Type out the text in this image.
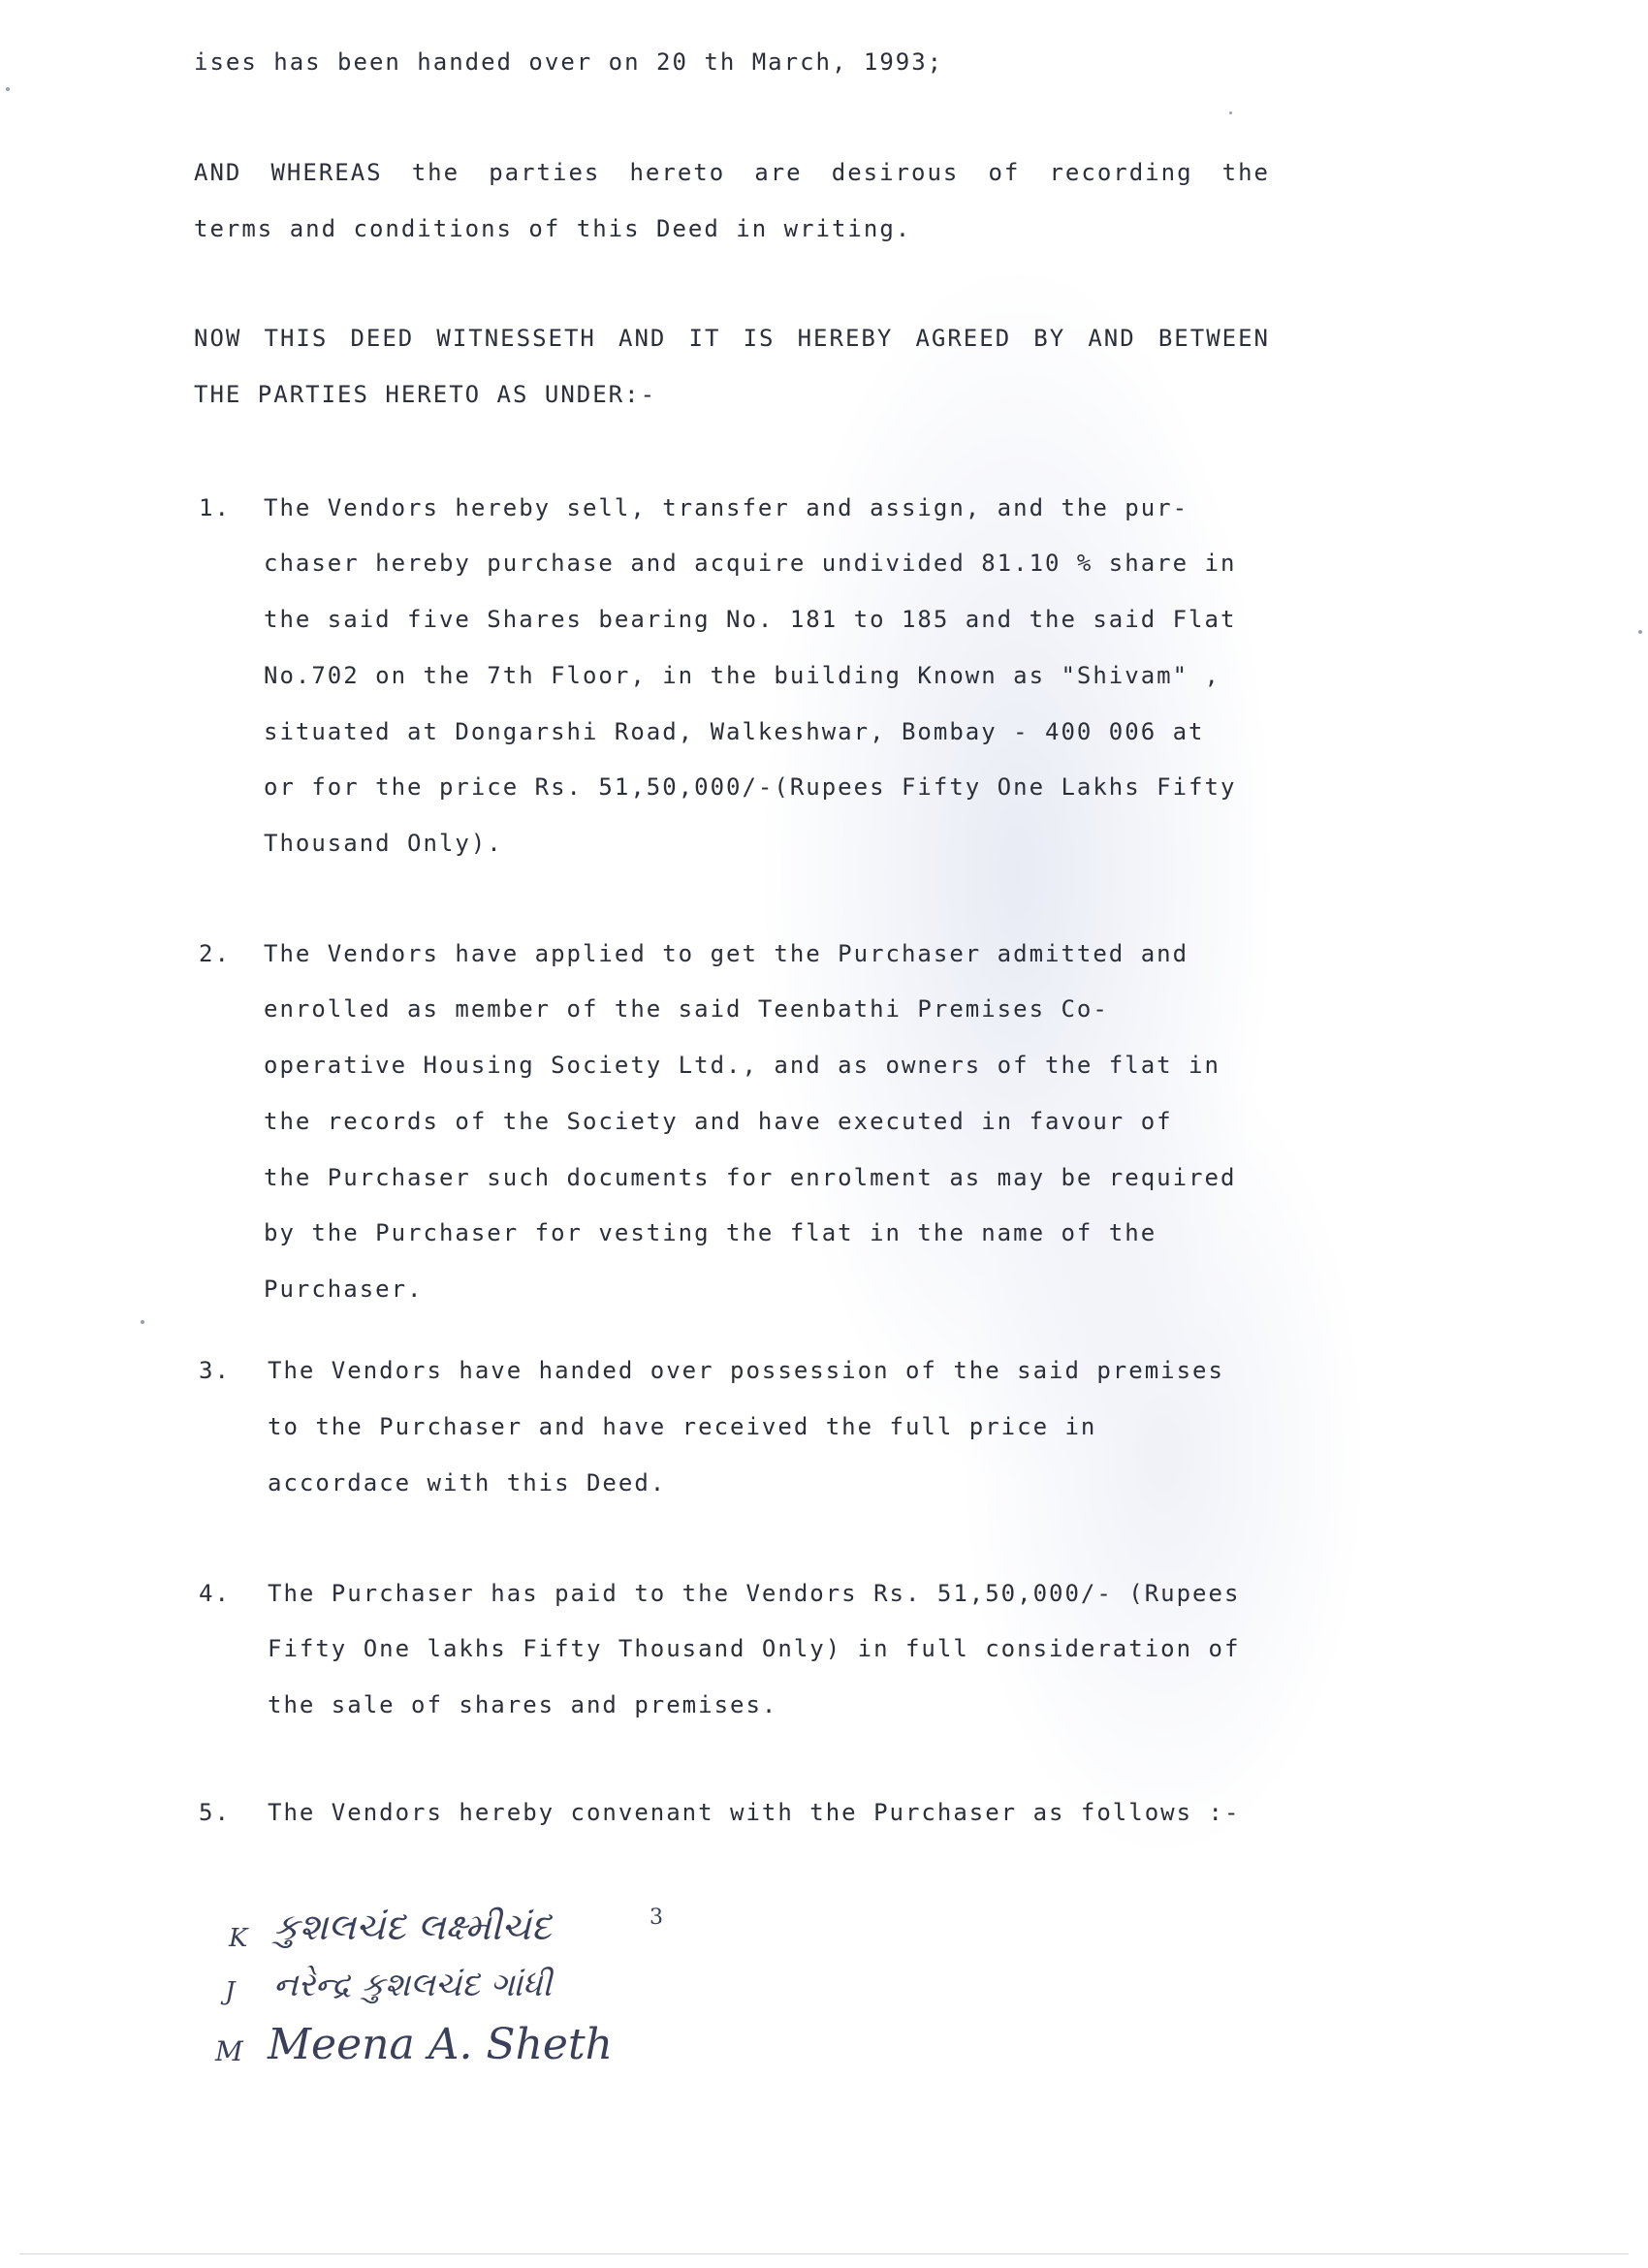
ises has been handed over on 20 th March, 1993;
AND WHEREAS the parties hereto are desirous of recording the
terms and conditions of this Deed in writing.
NOW THIS DEED WITNESSETH AND IT IS HEREBY AGREED BY AND BETWEEN
THE PARTIES HERETO AS UNDER:-
1. The Vendors hereby sell, transfer and assign, and the pur-
chaser hereby purchase and acquire undivided 81.10 % share in
the said five Shares bearing No. 181 to 185 and the said Flat
No.702 on the 7th Floor, in the building Known as "Shivam" ,
situated at Dongarshi Road, Walkeshwar, Bombay - 400 006 at
or for the price Rs. 51,50,000/-(Rupees Fifty One Lakhs Fifty
Thousand Only).
2. The Vendors have applied to get the Purchaser admitted and
enrolled as member of the said Teenbathi Premises Co-
operative Housing Society Ltd., and as owners of the flat in
the records of the Society and have executed in favour of
the Purchaser such documents for enrolment as may be required
by the Purchaser for vesting the flat in the name of the
Purchaser.
3. The Vendors have handed over possession of the said premises
to the Purchaser and have received the full price in
accordace with this Deed.
4. The Purchaser has paid to the Vendors Rs. 51,50,000/- (Rupees
Fifty One lakhs Fifty Thousand Only) in full consideration of
the sale of shares and premises.
5. The Vendors hereby convenant with the Purchaser as follows :-
K કુશલચંદ લક્ષ્મીચંદ	3
J નરેન્દ્ર કુશલચંદ ગાંધી
M Meena A. Sheth
